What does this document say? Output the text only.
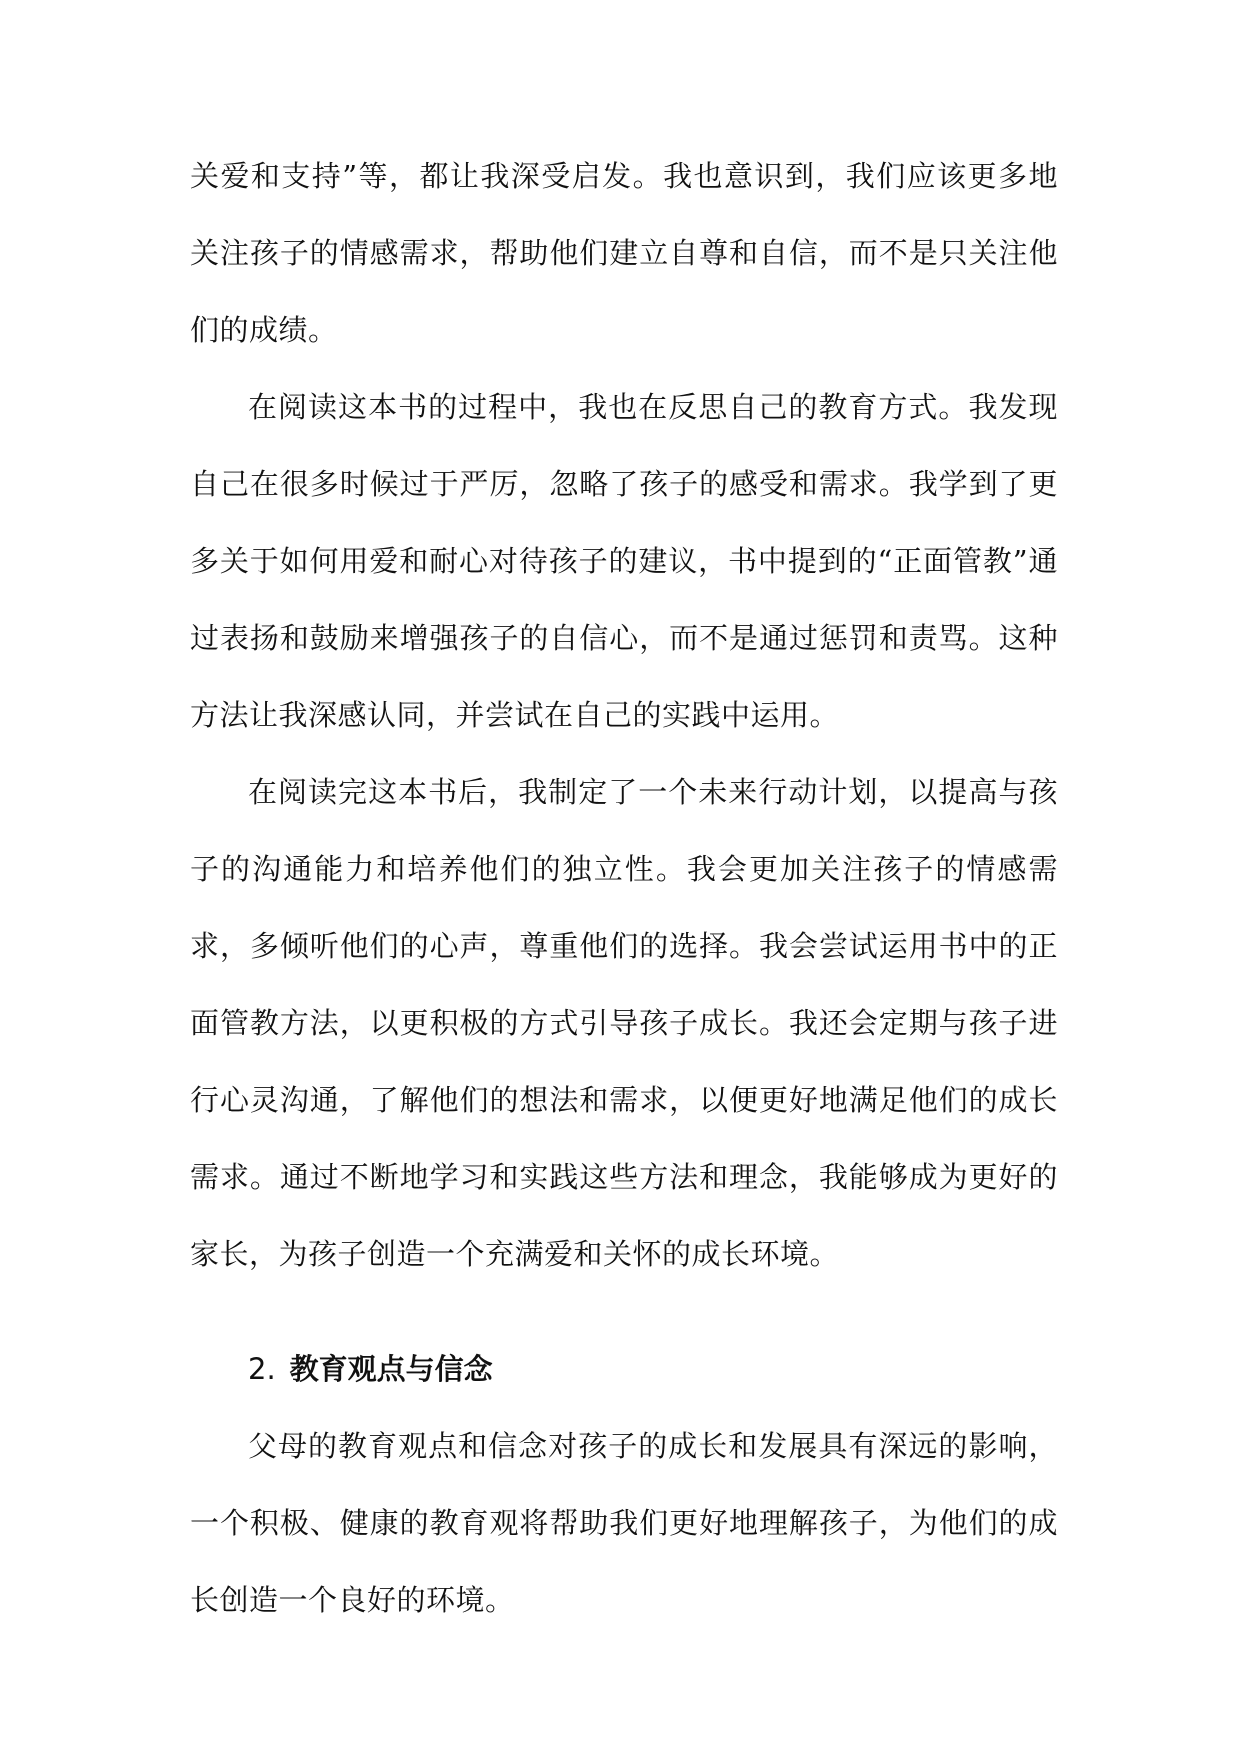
关爱和支持”等，都让我深受启发。我也意识到，我们应该更多地关注孩子的情感需求，帮助他们建立自尊和自信，而不是只关注他们的成绩。

在阅读这本书的过程中，我也在反思自己的教育方式。我发现自己在很多时候过于严厉，忽略了孩子的感受和需求。我学到了更多关于如何用爱和耐心对待孩子的建议，书中提到的“正面管教”通过表扬和鼓励来增强孩子的自信心，而不是通过惩罚和责骂。这种方法让我深感认同，并尝试在自己的实践中运用。

在阅读完这本书后，我制定了一个未来行动计划，以提高与孩子的沟通能力和培养他们的独立性。我会更加关注孩子的情感需求，多倾听他们的心声，尊重他们的选择。我会尝试运用书中的正面管教方法，以更积极的方式引导孩子成长。我还会定期与孩子进行心灵沟通，了解他们的想法和需求，以便更好地满足他们的成长需求。通过不断地学习和实践这些方法和理念，我能够成为更好的家长，为孩子创造一个充满爱和关怀的成长环境。

2. 教育观点与信念

父母的教育观点和信念对孩子的成长和发展具有深远的影响，一个积极、健康的教育观将帮助我们更好地理解孩子，为他们的成长创造一个良好的环境。
